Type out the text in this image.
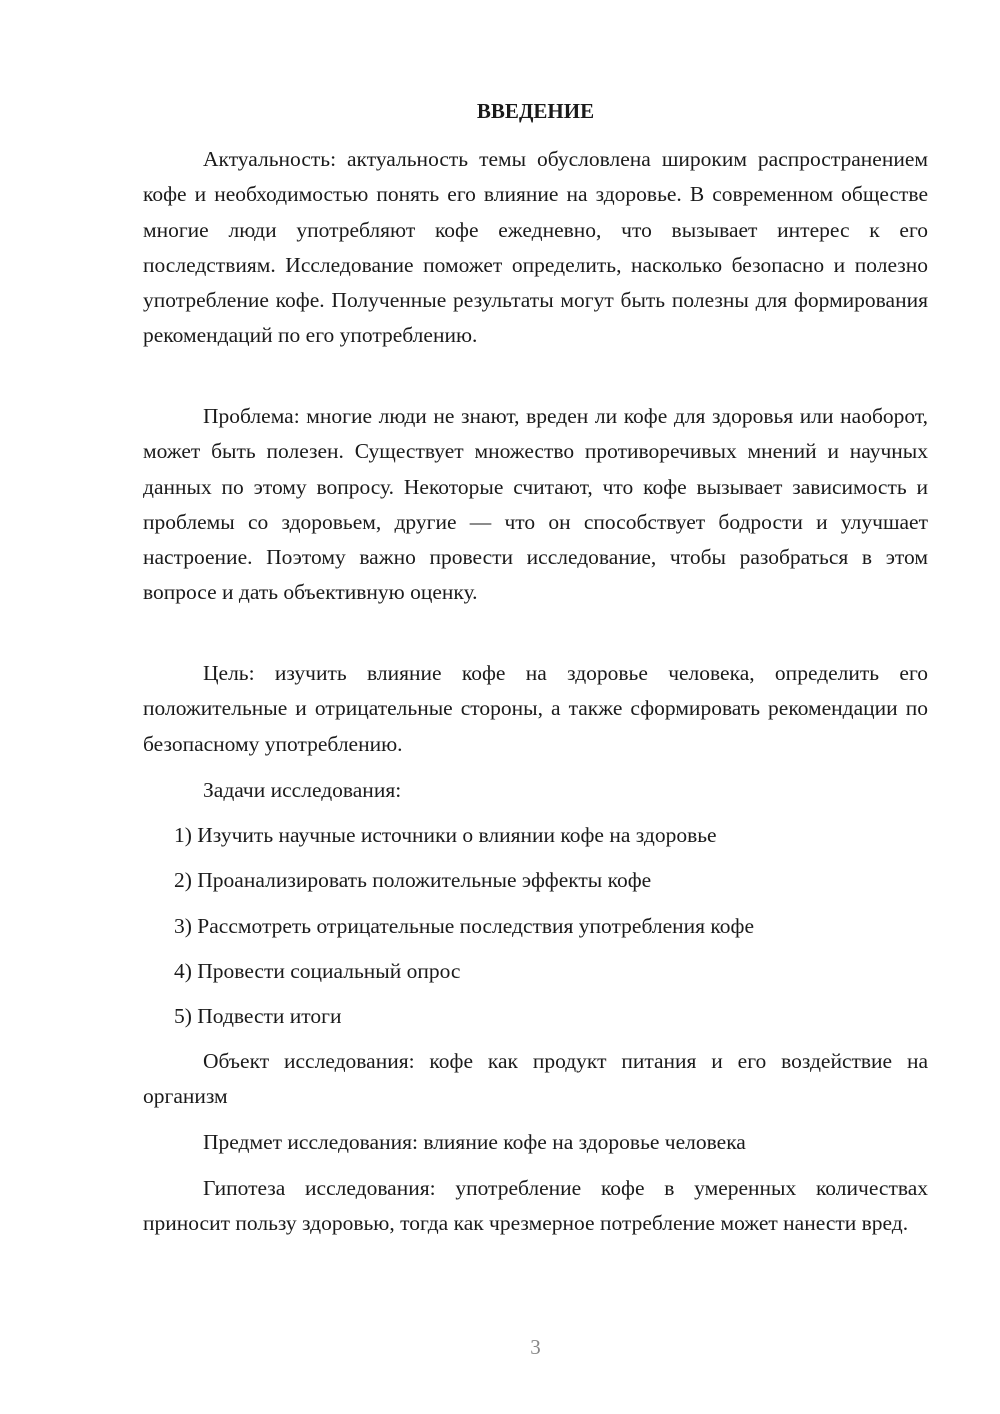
ВВЕДЕНИЕ

Актуальность: актуальность темы обусловлена широким распространением кофе и необходимостью понять его влияние на здоровье. В современном обществе многие люди употребляют кофе ежедневно, что вызывает интерес к его последствиям. Исследование поможет определить, насколько безопасно и полезно употребление кофе. Полученные результаты могут быть полезны для формирования рекомендаций по его употреблению.

Проблема: многие люди не знают, вреден ли кофе для здоровья или наоборот, может быть полезен. Существует множество противоречивых мнений и научных данных по этому вопросу. Некоторые считают, что кофе вызывает зависимость и проблемы со здоровьем, другие — что он способствует бодрости и улучшает настроение. Поэтому важно провести исследование, чтобы разобраться в этом вопросе и дать объективную оценку.

Цель: изучить влияние кофе на здоровье человека, определить его положительные и отрицательные стороны, а также сформировать рекомендации по безопасному употреблению.

Задачи исследования:

1) Изучить научные источники о влиянии кофе на здоровье

2) Проанализировать положительные эффекты кофе

3) Рассмотреть отрицательные последствия употребления кофе

4) Провести социальный опрос

5) Подвести итоги

Объект исследования: кофе как продукт питания и его воздействие на организм

Предмет исследования: влияние кофе на здоровье человека

Гипотеза исследования: употребление кофе в умеренных количествах приносит пользу здоровью, тогда как чрезмерное потребление может нанести вред.

3
